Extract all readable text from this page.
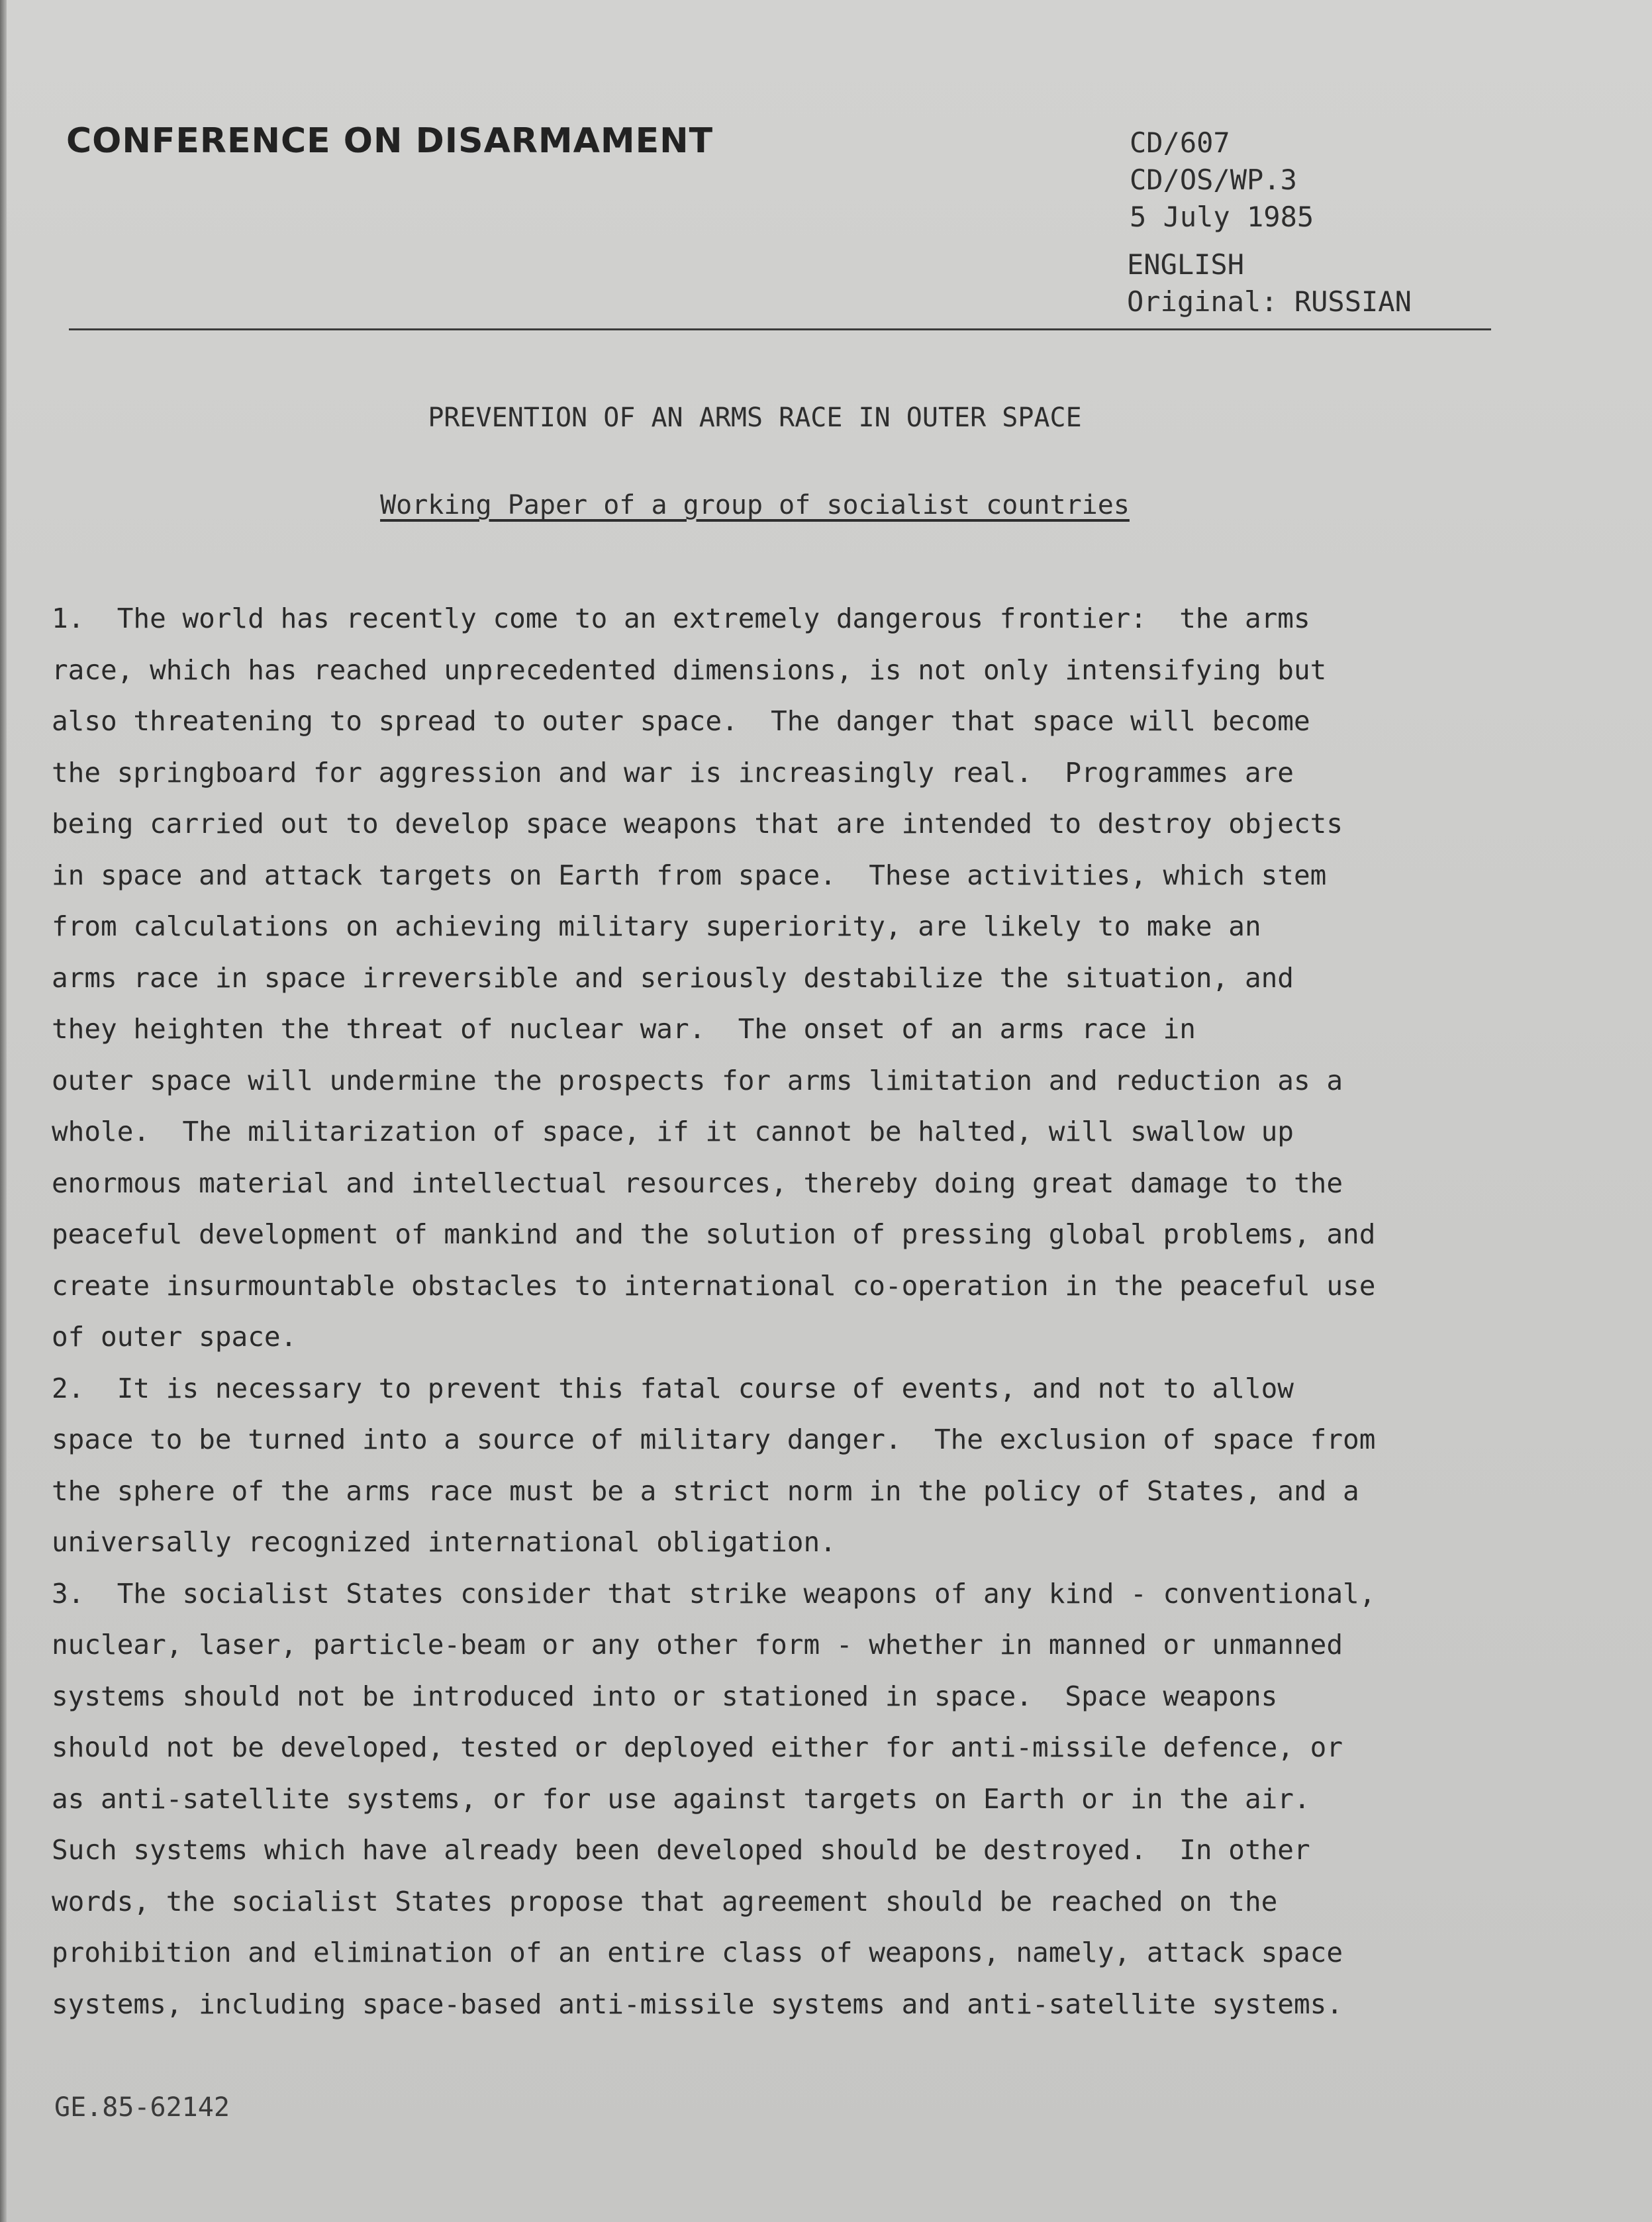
CONFERENCE ON DISARMAMENT	CD/607
CD/OS/WP.3
5 July 1985
ENGLISH
Original: RUSSIAN
PREVENTION OF AN ARMS RACE IN OUTER SPACE
Working Paper of a group of socialist countries
1.  The world has recently come to an extremely dangerous frontier:  the arms
race, which has reached unprecedented dimensions, is not only intensifying but
also threatening to spread to outer space.  The danger that space will become
the springboard for aggression and war is increasingly real.  Programmes are
being carried out to develop space weapons that are intended to destroy objects
in space and attack targets on Earth from space.  These activities, which stem
from calculations on achieving military superiority, are likely to make an
arms race in space irreversible and seriously destabilize the situation, and
they heighten the threat of nuclear war.  The onset of an arms race in
outer space will undermine the prospects for arms limitation and reduction as a
whole.  The militarization of space, if it cannot be halted, will swallow up
enormous material and intellectual resources, thereby doing great damage to the
peaceful development of mankind and the solution of pressing global problems, and
create insurmountable obstacles to international co-operation in the peaceful use
of outer space.
2.  It is necessary to prevent this fatal course of events, and not to allow
space to be turned into a source of military danger.  The exclusion of space from
the sphere of the arms race must be a strict norm in the policy of States, and a
universally recognized international obligation.
3.  The socialist States consider that strike weapons of any kind - conventional,
nuclear, laser, particle-beam or any other form - whether in manned or unmanned
systems should not be introduced into or stationed in space.  Space weapons
should not be developed, tested or deployed either for anti-missile defence, or
as anti-satellite systems, or for use against targets on Earth or in the air.
Such systems which have already been developed should be destroyed.  In other
words, the socialist States propose that agreement should be reached on the
prohibition and elimination of an entire class of weapons, namely, attack space
systems, including space-based anti-missile systems and anti-satellite systems.
GE.85-62142
